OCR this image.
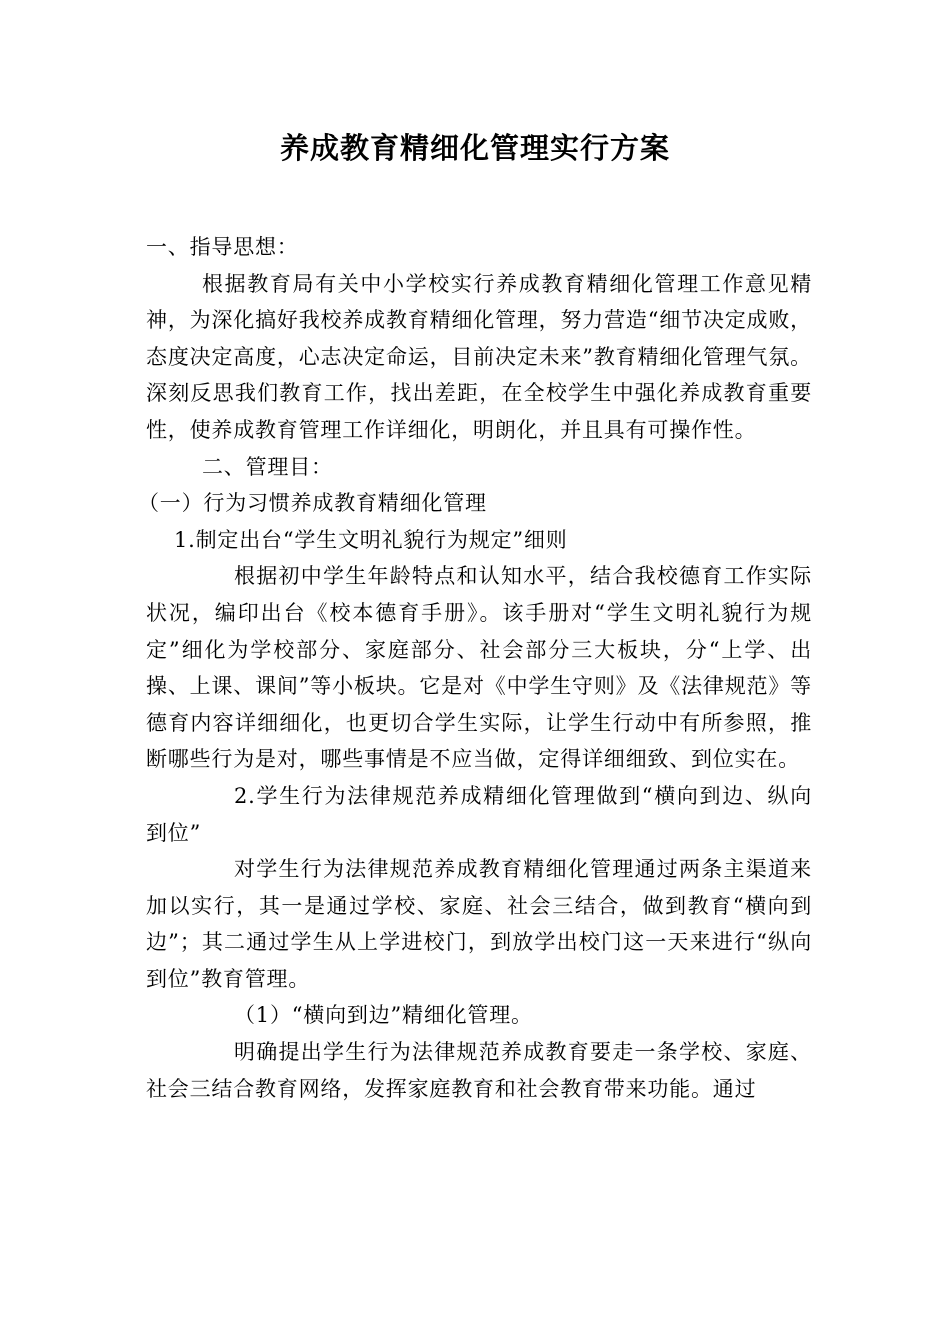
养成教育精细化管理实行方案

一、指导思想：

根据教育局有关中小学校实行养成教育精细化管理工作意见精神，为深化搞好我校养成教育精细化管理，努力营造“细节决定成败，态度决定高度，心志决定命运，目前决定未来”教育精细化管理气氛。深刻反思我们教育工作，找出差距，在全校学生中强化养成教育重要性，使养成教育管理工作详细化，明朗化，并且具有可操作性。

二、管理目：

（一）行为习惯养成教育精细化管理

1.制定出台“学生文明礼貌行为规定”细则

根据初中学生年龄特点和认知水平，结合我校德育工作实际状况，编印出台《校本德育手册》。该手册对“学生文明礼貌行为规定”细化为学校部分、家庭部分、社会部分三大板块，分“上学、出操、上课、课间”等小板块。它是对《中学生守则》及《法律规范》等德育内容详细细化，也更切合学生实际，让学生行动中有所参照，推断哪些行为是对，哪些事情是不应当做，定得详细细致、到位实在。

2.学生行为法律规范养成精细化管理做到“横向到边、纵向到位”

对学生行为法律规范养成教育精细化管理通过两条主渠道来加以实行，其一是通过学校、家庭、社会三结合，做到教育“横向到边”；其二通过学生从上学进校门，到放学出校门这一天来进行“纵向到位”教育管理。

（1）“横向到边”精细化管理。

明确提出学生行为法律规范养成教育要走一条学校、家庭、社会三结合教育网络，发挥家庭教育和社会教育带来功能。通过
